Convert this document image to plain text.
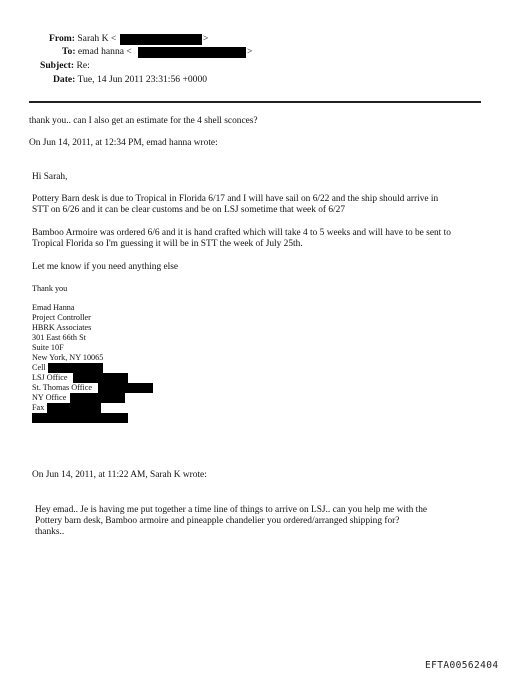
From: Sarah K <	>
To: emad hanna <	>
Subject: Re:
Date: Tue, 14 Jun 2011 23:31:56 +0000
thank you.. can I also get an estimate for the 4 shell sconces?
On Jun 14, 2011, at 12:34 PM, emad hanna wrote:
Hi Sarah,
Pottery Barn desk is due to Tropical in Florida 6/17 and I will have sail on 6/22 and the ship should arrive in
STT on 6/26 and it can be clear customs and be on LSJ sometime that week of 6/27
Bamboo Armoire was ordered 6/6 and it is hand crafted which will take 4 to 5 weeks and will have to be sent to
Tropical Florida so I'm guessing it will be in STT the week of July 25th.
Let me know if you need anything else
Thank you
Emad Hanna
Project Controller
HBRK Associates
301 East 66th St
Suite 10F
New York, NY 10065
Cell
LSJ Office
St. Thomas Office
NY Office
Fax
On Jun 14, 2011, at 11:22 AM, Sarah K wrote:
Hey emad.. Je is having me put together a time line of things to arrive on LSJ.. can you help me with the
Pottery barn desk, Bamboo armoire and pineapple chandelier you ordered/arranged shipping for?
thanks..
EFTA00562404
